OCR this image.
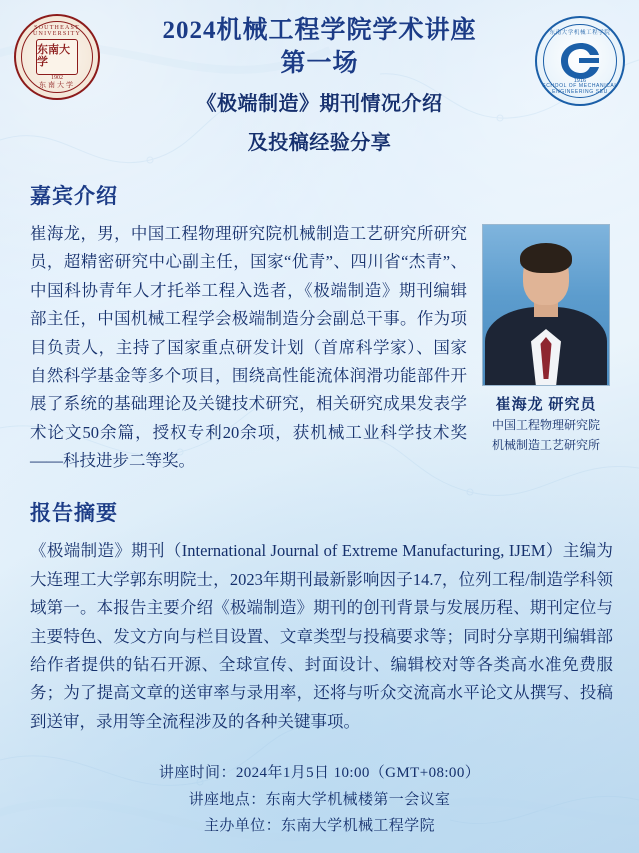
SOUTHEAST UNIVERSITY
东南大学
1902
东南大学
东南大学机械工程学院
1916
SCHOOL OF MECHANICAL ENGINEERING SEU
2024机械工程学院学术讲座
第一场
《极端制造》期刊情况介绍
及投稿经验分享
嘉宾介绍
崔海龙，男，中国工程物理研究院机械制造工艺研究所研究员，超精密研究中心副主任，国家“优青”、四川省“杰青”、中国科协青年人才托举工程入选者，《极端制造》期刊编辑部主任，中国机械工程学会极端制造分会副总干事。作为项目负责人，主持了国家重点研发计划（首席科学家）、国家自然科学基金等多个项目，围绕高性能流体润滑功能部件开展了系统的基础理论及关键技术研究，相关研究成果发表学术论文50余篇，授权专利20余项，获机械工业科学技术奖——科技进步二等奖。
崔海龙 研究员
中国工程物理研究院
机械制造工艺研究所
报告摘要
《极端制造》期刊（International Journal of Extreme Manufacturing, IJEM）主编为大连理工大学郭东明院士，2023年期刊最新影响因子14.7，位列工程/制造学科领域第一。本报告主要介绍《极端制造》期刊的创刊背景与发展历程、期刊定位与主要特色、发文方向与栏目设置、文章类型与投稿要求等；同时分享期刊编辑部给作者提供的钻石开源、全球宣传、封面设计、编辑校对等各类高水准免费服务；为了提高文章的送审率与录用率，还将与听众交流高水平论文从撰写、投稿到送审，录用等全流程涉及的各种关键事项。
讲座时间：2024年1月5日 10:00（GMT+08:00）
讲座地点：东南大学机械楼第一会议室
主办单位：东南大学机械工程学院
